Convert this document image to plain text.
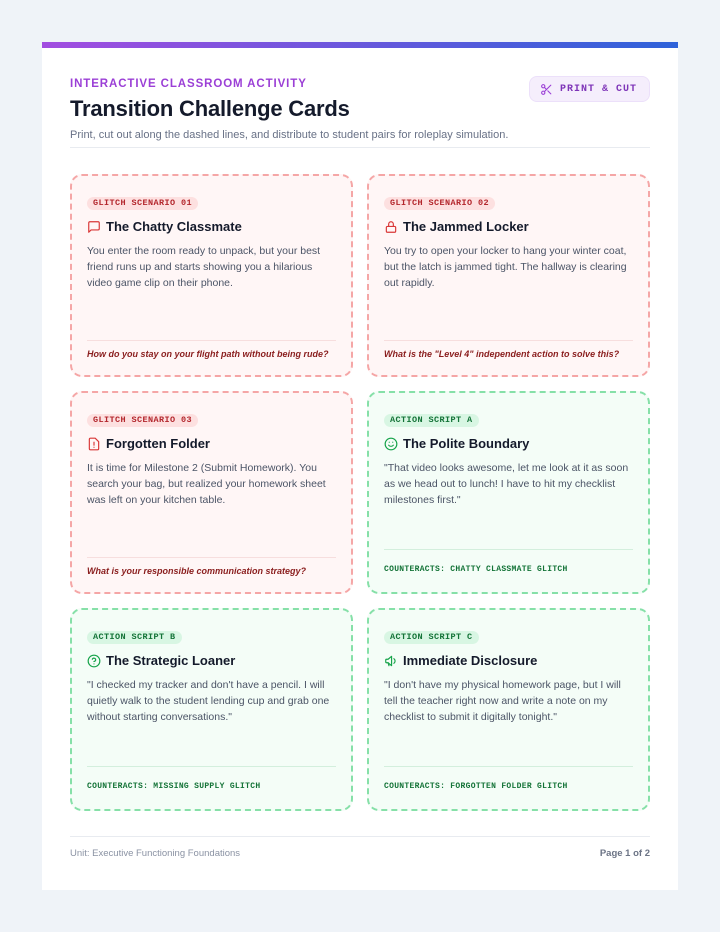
INTERACTIVE CLASSROOM ACTIVITY
Transition Challenge Cards
Print, cut out along the dashed lines, and distribute to student pairs for roleplay simulation.
PRINT & CUT
GLITCH SCENARIO 01
The Chatty Classmate
You enter the room ready to unpack, but your best friend runs up and starts showing you a hilarious video game clip on their phone.
How do you stay on your flight path without being rude?
GLITCH SCENARIO 02
The Jammed Locker
You try to open your locker to hang your winter coat, but the latch is jammed tight. The hallway is clearing out rapidly.
What is the "Level 4" independent action to solve this?
GLITCH SCENARIO 03
Forgotten Folder
It is time for Milestone 2 (Submit Homework). You search your bag, but realized your homework sheet was left on your kitchen table.
What is your responsible communication strategy?
ACTION SCRIPT A
The Polite Boundary
"That video looks awesome, let me look at it as soon as we head out to lunch! I have to hit my checklist milestones first."
COUNTERACTS: CHATTY CLASSMATE GLITCH
ACTION SCRIPT B
The Strategic Loaner
"I checked my tracker and don't have a pencil. I will quietly walk to the student lending cup and grab one without starting conversations."
COUNTERACTS: MISSING SUPPLY GLITCH
ACTION SCRIPT C
Immediate Disclosure
"I don't have my physical homework page, but I will tell the teacher right now and write a note on my checklist to submit it digitally tonight."
COUNTERACTS: FORGOTTEN FOLDER GLITCH
Unit: Executive Functioning Foundations	Page 1 of 2
